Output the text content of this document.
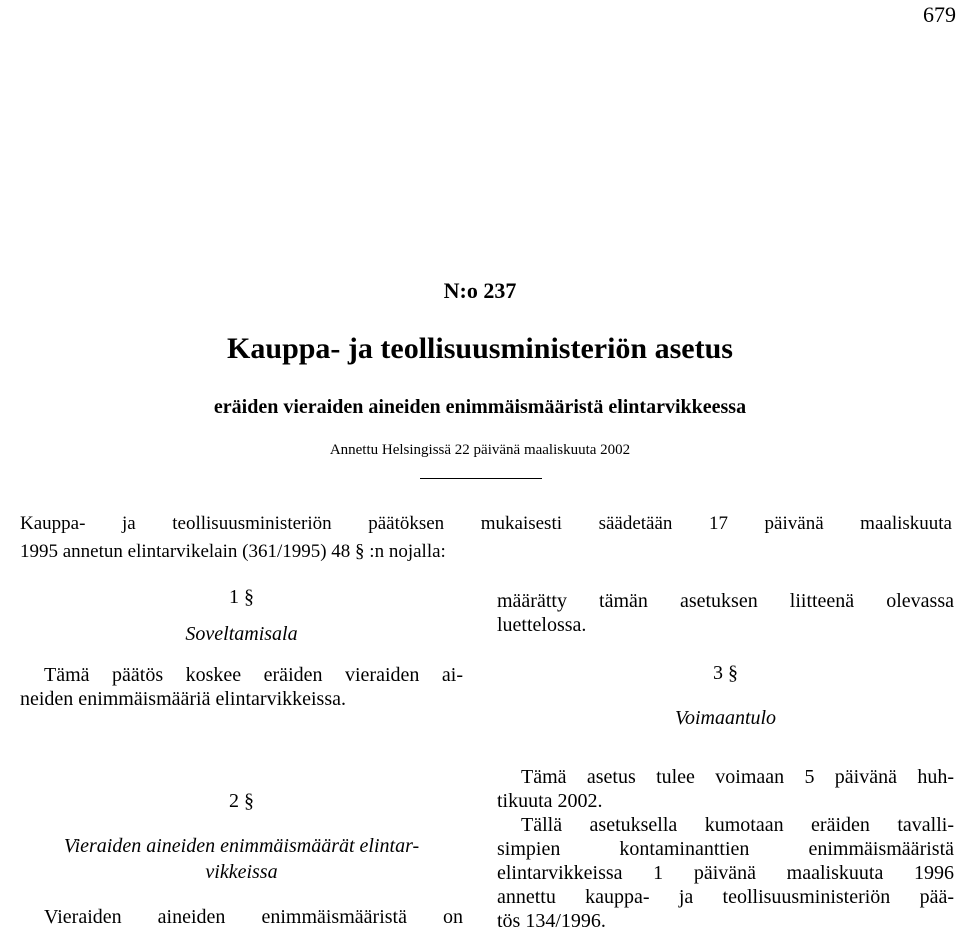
679
N:o 237
Kauppa- ja teollisuusministeriön asetus
eräiden vieraiden aineiden enimmäismääristä elintarvikkeessa
Annettu Helsingissä 22 päivänä maaliskuuta 2002
Kauppa- ja teollisuusministeriön päätöksen mukaisesti säädetään 17 päivänä maaliskuuta
1995 annetun elintarvikelain (361/1995) 48 § :n nojalla:
1 §
Soveltamisala
Tämä päätös koskee eräiden vieraiden ai-
neiden enimmäismääriä elintarvikkeissa.
2 §
Vieraiden aineiden enimmäismäärät elintar-
vikkeissa
Vieraiden aineiden enimmäismääristä on
määrätty tämän asetuksen liitteenä olevassa
luettelossa.
3 §
Voimaantulo
Tämä asetus tulee voimaan 5 päivänä huh-
tikuuta 2002.
Tällä asetuksella kumotaan eräiden tavalli-
simpien kontaminanttien enimmäismääristä
elintarvikkeissa 1 päivänä maaliskuuta 1996
annettu kauppa- ja teollisuusministeriön pää-
tös 134/1996.
